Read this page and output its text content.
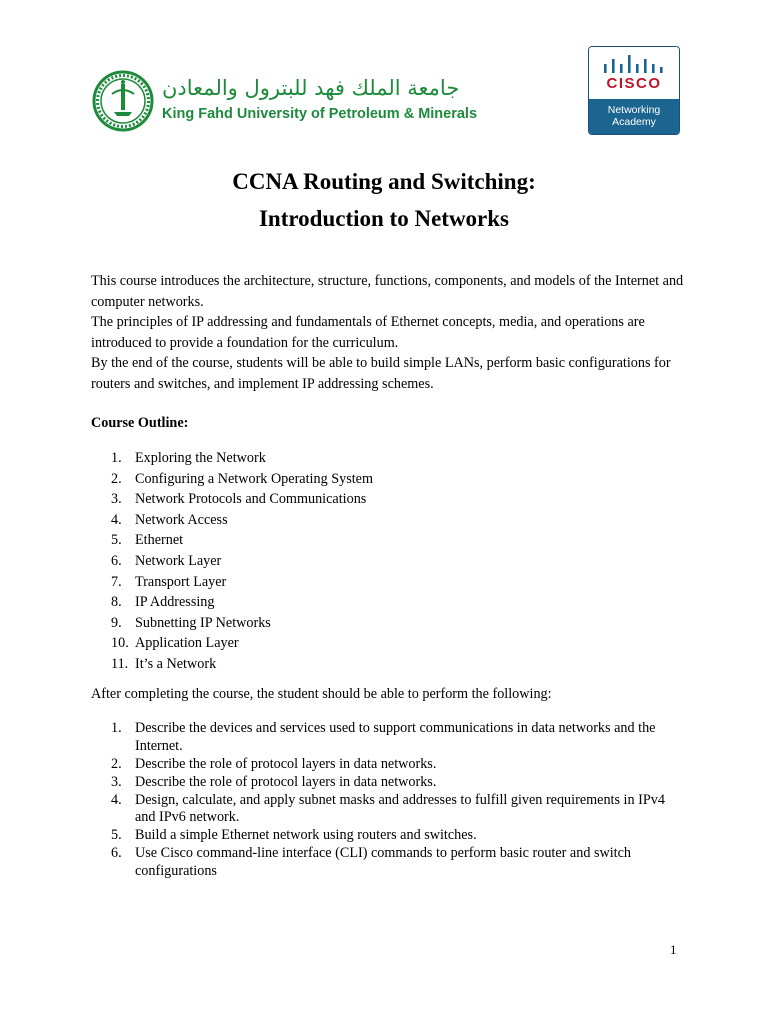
جامعة الملك فهد للبترول والمعادن
King Fahd University of Petroleum & Minerals
CISCO
Networking
Academy
CCNA Routing and Switching:
Introduction to Networks

This course introduces the architecture, structure, functions, components, and models of the Internet and computer networks.

The principles of IP addressing and fundamentals of Ethernet concepts, media, and operations are introduced to provide a foundation for the curriculum.

By the end of the course, students will be able to build simple LANs, perform basic configurations for routers and switches, and implement IP addressing schemes.

Course Outline:
1. Exploring the Network
2. Configuring a Network Operating System
3. Network Protocols and Communications
4. Network Access
5. Ethernet
6. Network Layer
7. Transport Layer
8. IP Addressing
9. Subnetting IP Networks
10. Application Layer
11. It’s a Network
After completing the course, the student should be able to perform the following:
1. Describe the devices and services used to support communications in data networks and the Internet.
2. Describe the role of protocol layers in data networks.
3. Describe the role of protocol layers in data networks.
4. Design, calculate, and apply subnet masks and addresses to fulfill given requirements in IPv4 and IPv6 network.
5. Build a simple Ethernet network using routers and switches.
6. Use Cisco command-line interface (CLI) commands to perform basic router and switch configurations
1
